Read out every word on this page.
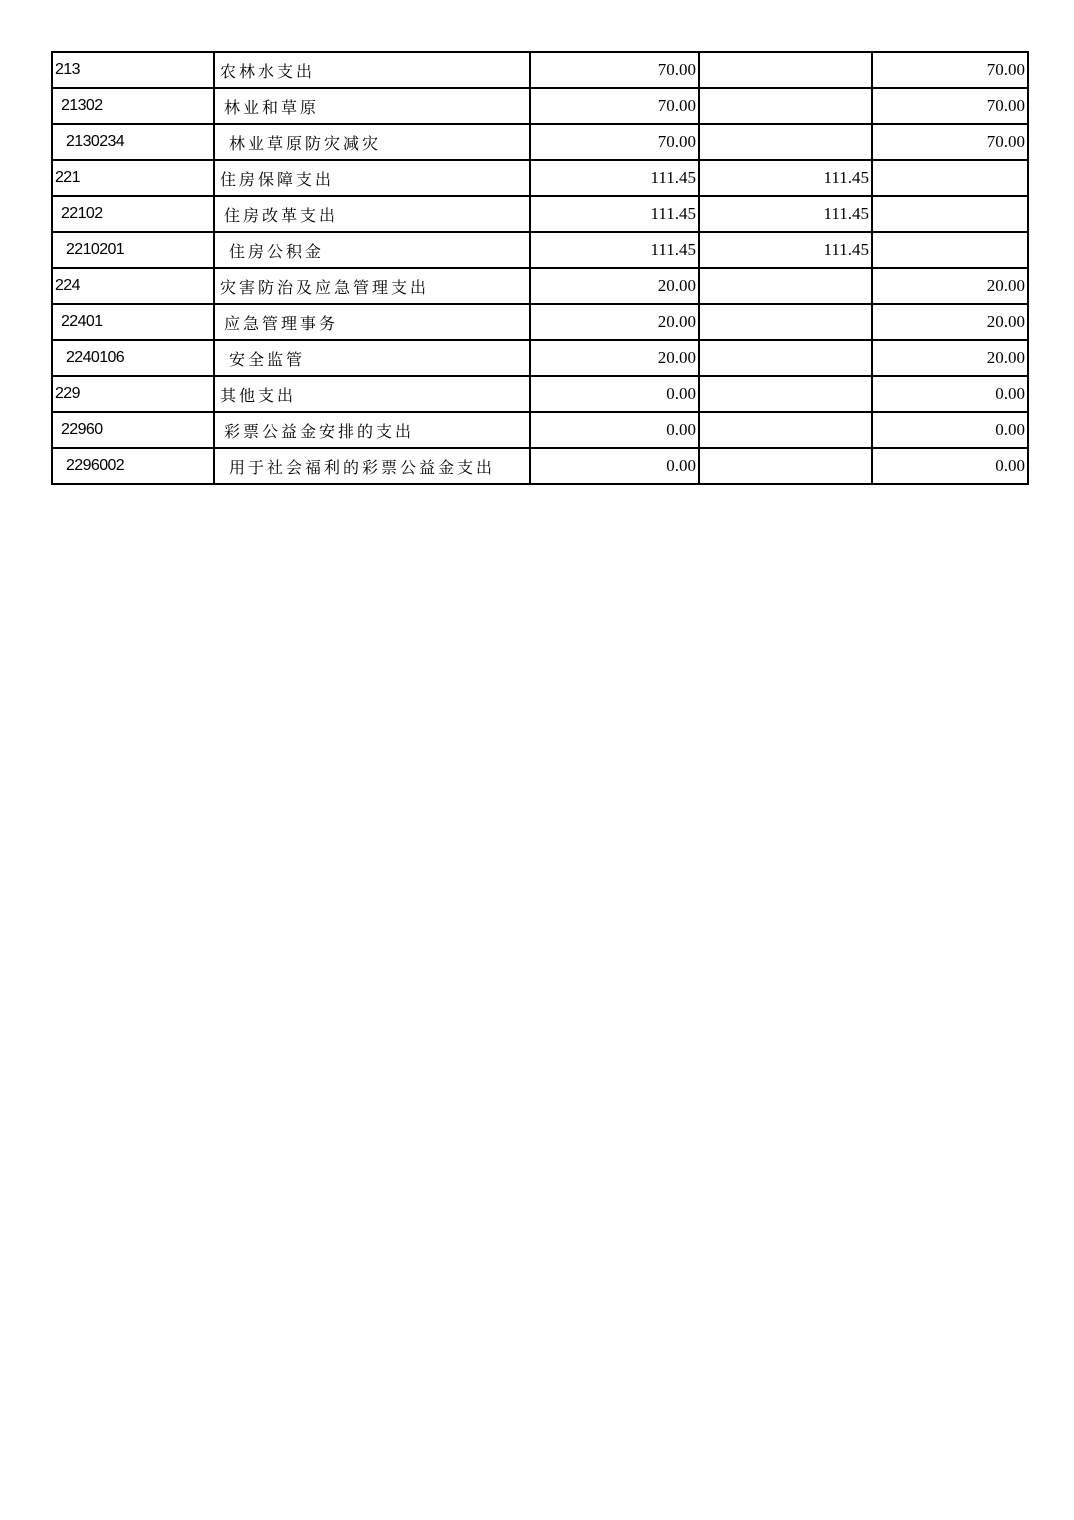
213	农林水支出	70.00		70.00
21302	林业和草原	70.00		70.00
2130234	林业草原防灾减灾	70.00		70.00
221	住房保障支出	111.45	111.45	
22102	住房改革支出	111.45	111.45	
2210201	住房公积金	111.45	111.45	
224	灾害防治及应急管理支出	20.00		20.00
22401	应急管理事务	20.00		20.00
2240106	安全监管	20.00		20.00
229	其他支出	0.00		0.00
22960	彩票公益金安排的支出	0.00		0.00
2296002	用于社会福利的彩票公益金支出	0.00		0.00
